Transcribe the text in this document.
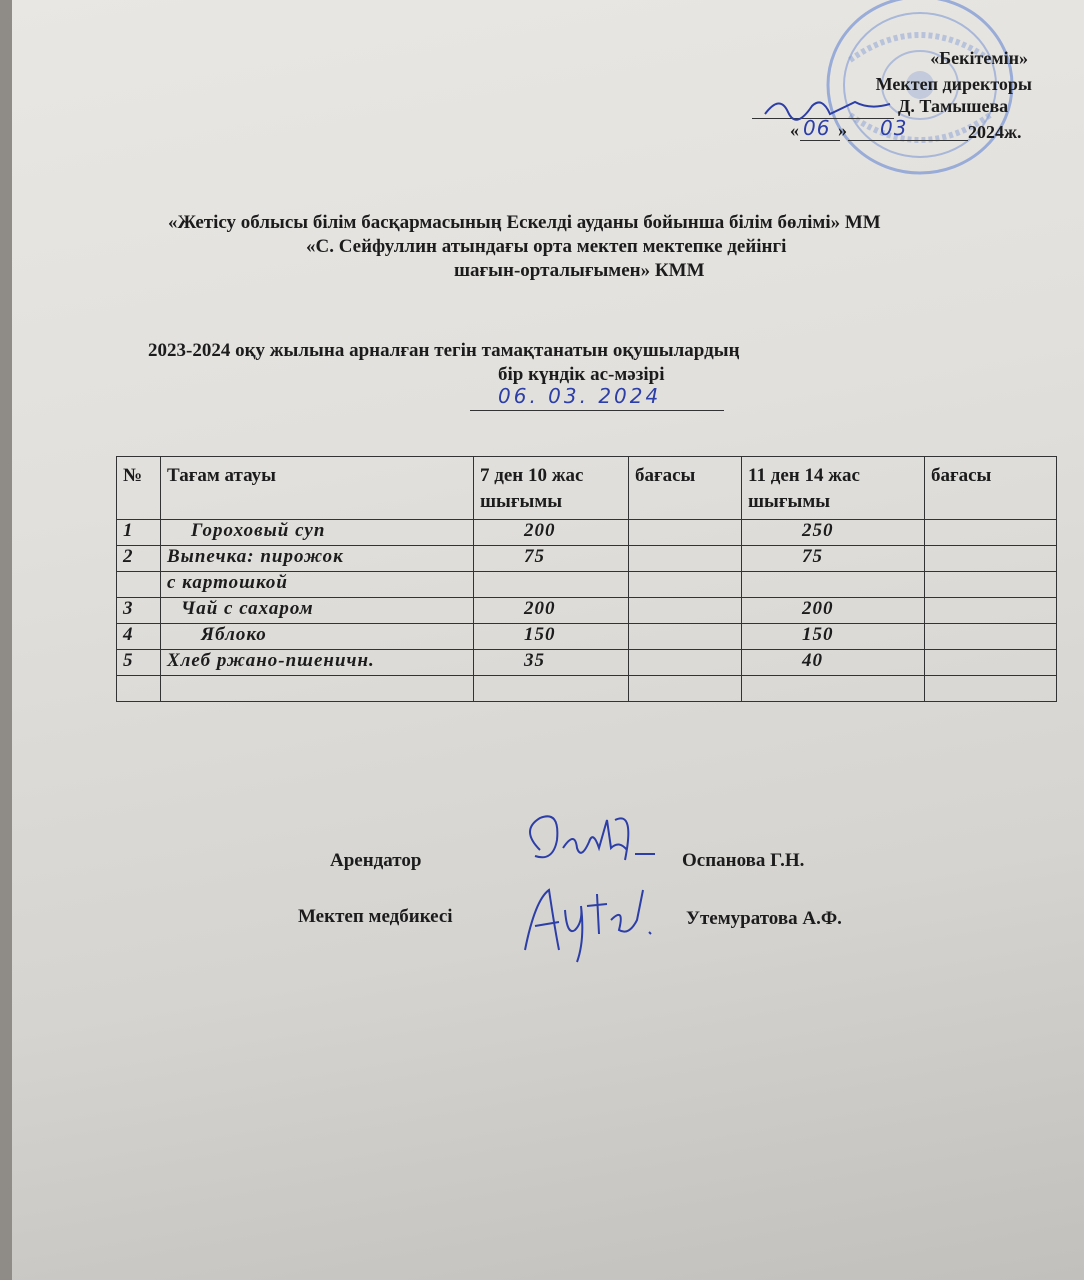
«Бекітемін»
Мектеп директоры
Д. Тамышева
« 06 » 03	2024ж.
«Жетісу облысы білім басқармасының Ескелді ауданы бойынша білім бөлімі» ММ
«С. Сейфуллин атындағы орта мектеп мектепке дейінгі
шағын-орталығымен» КММ
2023-2024 оқу жылына арналған тегін тамақтанатын оқушылардың
бір күндік ас-мәзірі
06. 03. 2024
№	Тағам атауы	7 ден 10 жас шығымы	бағасы	11 ден 14 жас шығымы	бағасы
1	Гороховый суп	200		250	
2	Выпечка: пирожок	75		75	
	с картошкой				
3	Чай с сахаром	200		200	
4	Яблоко	150		150	
5	Хлеб ржано-пшеничн.	35		40	

Арендатор	Оспанова Г.Н.
Мектеп медбикесі	Утемуратова А.Ф.
